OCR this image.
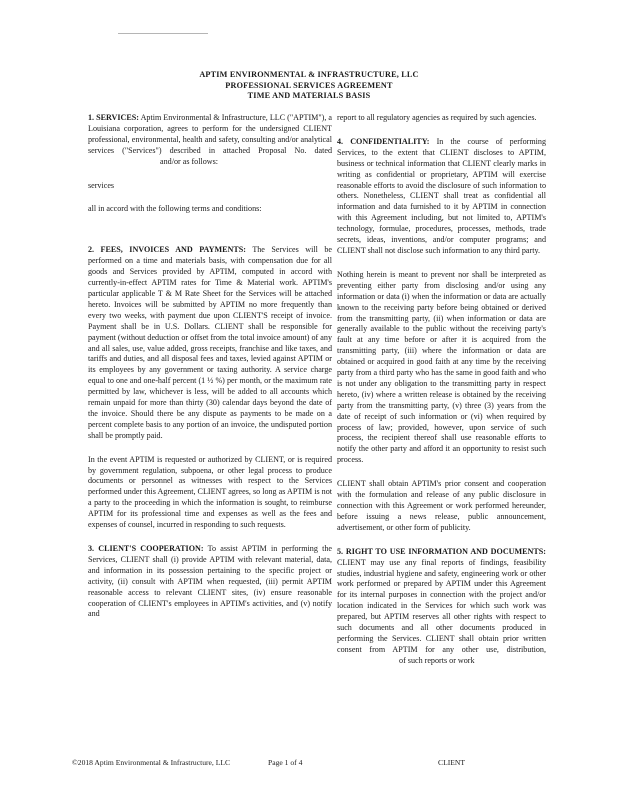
APTIM ENVIRONMENTAL & INFRASTRUCTURE, LLC
PROFESSIONAL SERVICES AGREEMENT
TIME AND MATERIALS BASIS

1. SERVICES: Aptim Environmental & Infrastructure, LLC ("APTIM"), a Louisiana corporation, agrees to perform for the undersigned CLIENT professional, environmental, health and safety, consulting and/or analytical services ("Services") described in attached Proposal No. dated and/or as follows:

services

all in accord with the following terms and conditions:

2. FEES, INVOICES AND PAYMENTS: The Services will be performed on a time and materials basis, with compensation due for all goods and Services provided by APTIM, computed in accord with currently-in-effect APTIM rates for Time & Material work. APTIM's particular applicable T & M Rate Sheet for the Services will be attached hereto. Invoices will be submitted by APTIM no more frequently than every two weeks, with payment due upon CLIENT'S receipt of invoice. Payment shall be in U.S. Dollars. CLIENT shall be responsible for payment (without deduction or offset from the total invoice amount) of any and all sales, use, value added, gross receipts, franchise and like taxes, and tariffs and duties, and all disposal fees and taxes, levied against APTIM or its employees by any government or taxing authority. A service charge equal to one and one-half percent (1 ½ %) per month, or the maximum rate permitted by law, whichever is less, will be added to all accounts which remain unpaid for more than thirty (30) calendar days beyond the date of the invoice. Should there be any dispute as payments to be made on a percent complete basis to any portion of an invoice, the undisputed portion shall be promptly paid.

In the event APTIM is requested or authorized by CLIENT, or is required by government regulation, subpoena, or other legal process to produce documents or personnel as witnesses with respect to the Services performed under this Agreement, CLIENT agrees, so long as APTIM is not a party to the proceeding in which the information is sought, to reimburse APTIM for its professional time and expenses as well as the fees and expenses of counsel, incurred in responding to such requests.

3. CLIENT'S COOPERATION: To assist APTIM in performing the Services, CLIENT shall (i) provide APTIM with relevant material, data, and information in its possession pertaining to the specific project or activity, (ii) consult with APTIM when requested, (iii) permit APTIM reasonable access to relevant CLIENT sites, (iv) ensure reasonable cooperation of CLIENT's employees in APTIM's activities, and (v) notify and

report to all regulatory agencies as required by such agencies.

4. CONFIDENTIALITY: In the course of performing Services, to the extent that CLIENT discloses to APTIM, business or technical information that CLIENT clearly marks in writing as confidential or proprietary, APTIM will exercise reasonable efforts to avoid the disclosure of such information to others. Nonetheless, CLIENT shall treat as confidential all information and data furnished to it by APTIM in connection with this Agreement including, but not limited to, APTIM's technology, formulae, procedures, processes, methods, trade secrets, ideas, inventions, and/or computer programs; and CLIENT shall not disclose such information to any third party.

Nothing herein is meant to prevent nor shall be interpreted as preventing either party from disclosing and/or using any information or data (i) when the information or data are actually known to the receiving party before being obtained or derived from the transmitting party, (ii) when information or data are generally available to the public without the receiving party's fault at any time before or after it is acquired from the transmitting party, (iii) where the information or data are obtained or acquired in good faith at any time by the receiving party from a third party who has the same in good faith and who is not under any obligation to the transmitting party in respect hereto, (iv) where a written release is obtained by the receiving party from the transmitting party, (v) three (3) years from the date of receipt of such information or (vi) when required by process of law; provided, however, upon service of such process, the recipient thereof shall use reasonable efforts to notify the other party and afford it an opportunity to resist such process.

CLIENT shall obtain APTIM's prior consent and cooperation with the formulation and release of any public disclosure in connection with this Agreement or work performed hereunder, before issuing a news release, public announcement, advertisement, or other form of publicity.

5. RIGHT TO USE INFORMATION AND DOCUMENTS: CLIENT may use any final reports of findings, feasibility studies, industrial hygiene and safety, engineering work or other work performed or prepared by APTIM under this Agreement for its internal purposes in connection with the project and/or location indicated in the Services for which such work was prepared, but APTIM reserves all other rights with respect to such documents and all other documents produced in performing the Services. CLIENT shall obtain prior written consent from APTIM for any other use, distribution, of such reports or work

©2018 Aptim Environmental & Infrastructure, LLC	Page 1 of 4	CLIENT
